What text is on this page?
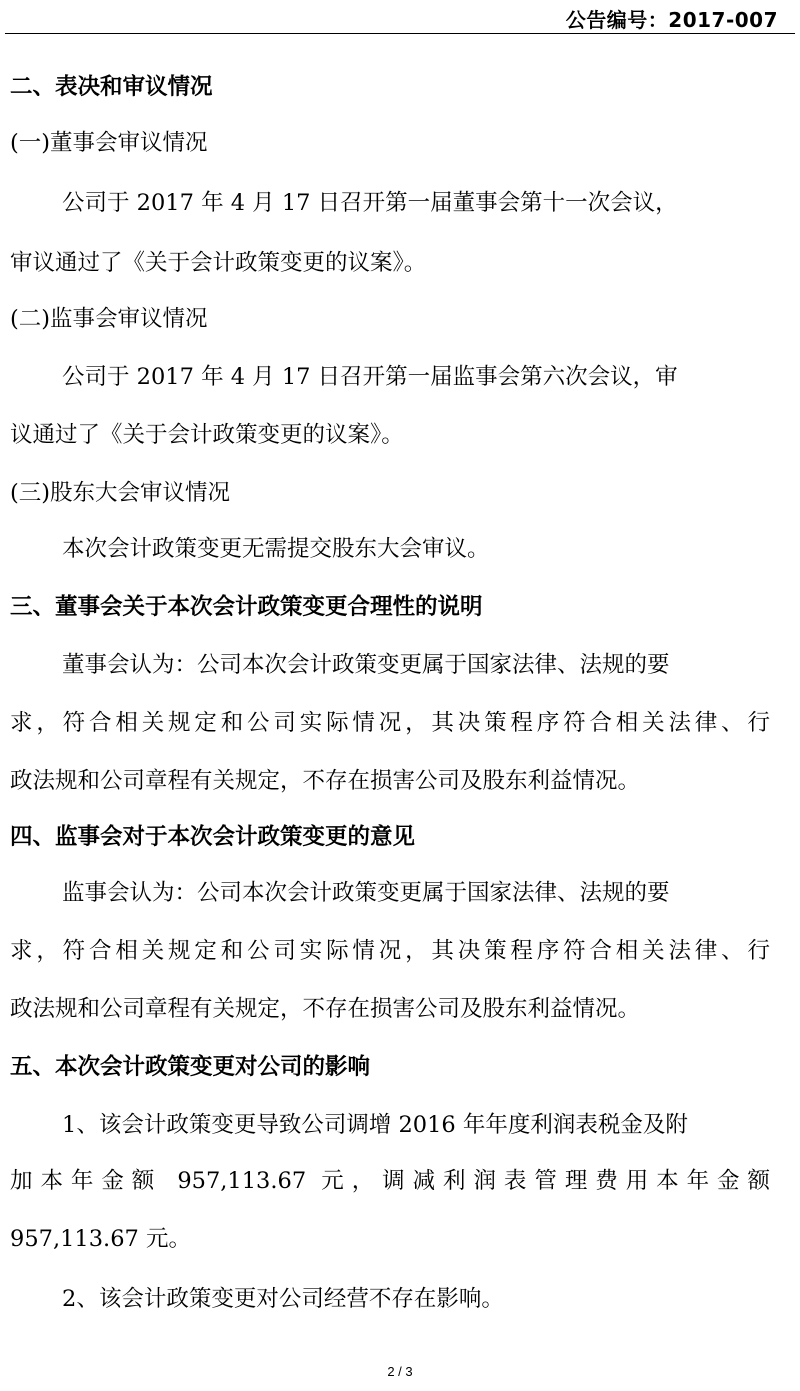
公告编号：2017-007
二、表决和审议情况
(一)董事会审议情况
公司于 2017 年 4 月 17 日召开第一届董事会第十一次会议，
审议通过了《关于会计政策变更的议案》。
(二)监事会审议情况
公司于 2017 年 4 月 17 日召开第一届监事会第六次会议，审
议通过了《关于会计政策变更的议案》。
(三)股东大会审议情况
本次会计政策变更无需提交股东大会审议。
三、董事会关于本次会计政策变更合理性的说明
董事会认为：公司本次会计政策变更属于国家法律、法规的要
求，符合相关规定和公司实际情况，其决策程序符合相关法律、行
政法规和公司章程有关规定，不存在损害公司及股东利益情况。
四、监事会对于本次会计政策变更的意见
监事会认为：公司本次会计政策变更属于国家法律、法规的要
求，符合相关规定和公司实际情况，其决策程序符合相关法律、行
政法规和公司章程有关规定，不存在损害公司及股东利益情况。
五、本次会计政策变更对公司的影响
1、该会计政策变更导致公司调增 2016 年年度利润表税金及附
加本年金额 957,113.67 元，调减利润表管理费用本年金额
957,113.67 元。
2、该会计政策变更对公司经营不存在影响。
2 / 3
